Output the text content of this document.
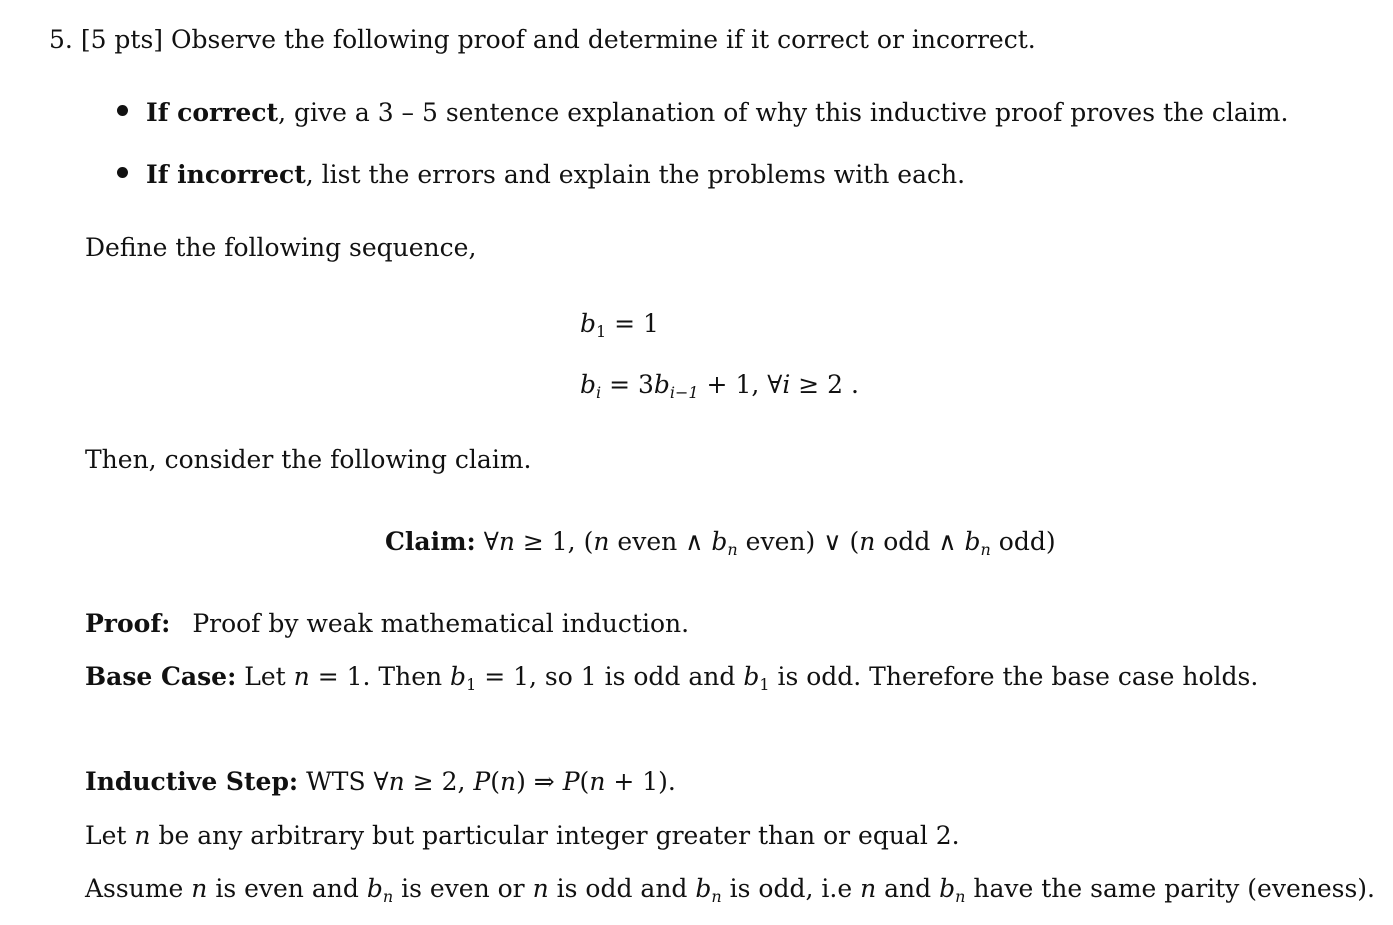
5. [5 pts] Observe the following proof and determine if it correct or incorrect.
If correct, give a 3 – 5 sentence explanation of why this inductive proof proves the claim.
If incorrect, list the errors and explain the problems with each.
Define the following sequence,
$b_1 = 1$
$b_i = 3b_{i-1} + 1$, ∀i ≥ 2 .
Then, consider the following claim.
Claim: ∀n ≥ 1, (n even ∧ $b_n$ even) ∨ (n odd ∧ $b_n$ odd)
Proof: Proof by weak mathematical induction.
Base Case: Let n = 1. Then $b_1 = 1$, so 1 is odd and $b_1$ is odd. Therefore the base case holds.
Inductive Step: WTS ∀n ≥ 2, P(n) ⇒ P(n + 1).
Let n be any arbitrary but particular integer greater than or equal 2.
Assume n is even and $b_n$ is even or n is odd and $b_n$ is odd, i.e n and $b_n$ have the same parity (eveness).
